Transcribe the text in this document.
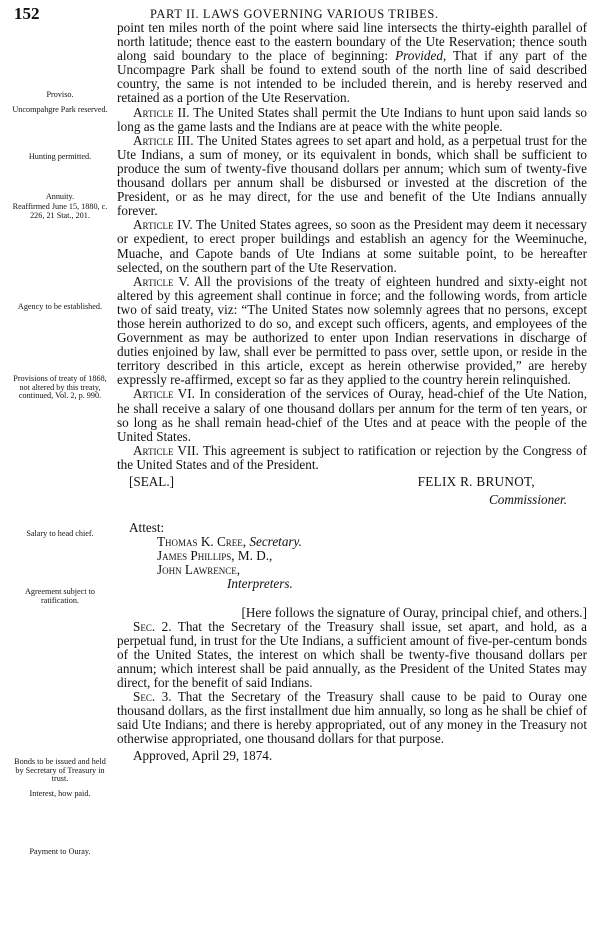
152	PART II. LAWS GOVERNING VARIOUS TRIBES.
Proviso.
Uncompahgre Park reserved.
Hunting permitted.
Annuity.
Reaffirmed June 15, 1880, c. 226, 21 Stat., 201.
Agency to be established.
Provisions of treaty of 1868, not altered by this treaty, continued, Vol. 2, p. 990.
Salary to head chief.
Agreement subject to ratification.
Bonds to be issued and held by Secretary of Treasury in trust.
Interest, how paid.
Payment to Ouray.

point ten miles north of the point where said line intersects the thirty-eighth parallel of north latitude; thence east to the eastern boundary of the Ute Reservation; thence south along said boundary to the place of beginning: Provided, That if any part of the Uncompagre Park shall be found to extend south of the north line of said described country, the same is not intended to be included therein, and is hereby reserved and retained as a portion of the Ute Reservation.

Article II. The United States shall permit the Ute Indians to hunt upon said lands so long as the game lasts and the Indians are at peace with the white people.

Article III. The United States agrees to set apart and hold, as a perpetual trust for the Ute Indians, a sum of money, or its equivalent in bonds, which shall be sufficient to produce the sum of twenty-five thousand dollars per annum; which sum of twenty-five thousand dollars per annum shall be disbursed or invested at the discretion of the President, or as he may direct, for the use and benefit of the Ute Indians annually forever.

Article IV. The United States agrees, so soon as the President may deem it necessary or expedient, to erect proper buildings and establish an agency for the Weeminuche, Muache, and Capote bands of Ute Indians at some suitable point, to be hereafter selected, on the southern part of the Ute Reservation.

Article V. All the provisions of the treaty of eighteen hundred and sixty-eight not altered by this agreement shall continue in force; and the following words, from article two of said treaty, viz: “The United States now solemnly agrees that no persons, except those herein authorized to do so, and except such officers, agents, and employees of the Government as may be authorized to enter upon Indian reservations in discharge of duties enjoined by law, shall ever be permitted to pass over, settle upon, or reside in the territory described in this article, except as herein otherwise provided,” are hereby expressly re-affirmed, except so far as they applied to the country herein relinquished.

Article VI. In consideration of the services of Ouray, head-chief of the Ute Nation, he shall receive a salary of one thousand dollars per annum for the term of ten years, or so long as he shall remain head-chief of the Utes and at peace with the people of the United States.

Article VII. This agreement is subject to ratification or rejection by the Congress of the United States and of the President.

[SEAL.]	FELIX R. BRUNOT,

Commissioner.

Attest:

Thomas K. Cree, Secretary.

James Phillips, M. D.,

John Lawrence,

Interpreters.

[Here follows the signature of Ouray, principal chief, and others.]

Sec. 2. That the Secretary of the Treasury shall issue, set apart, and hold, as a perpetual fund, in trust for the Ute Indians, a sufficient amount of five-per-centum bonds of the United States, the interest on which shall be twenty-five thousand dollars per annum; which interest shall be paid annually, as the President of the United States may direct, for the benefit of said Indians.

Sec. 3. That the Secretary of the Treasury shall cause to be paid to Ouray one thousand dollars, as the first installment due him annually, so long as he shall be chief of said Ute Indians; and there is hereby appropriated, out of any money in the Treasury not otherwise appropriated, one thousand dollars for that purpose.

Approved, April 29, 1874.
